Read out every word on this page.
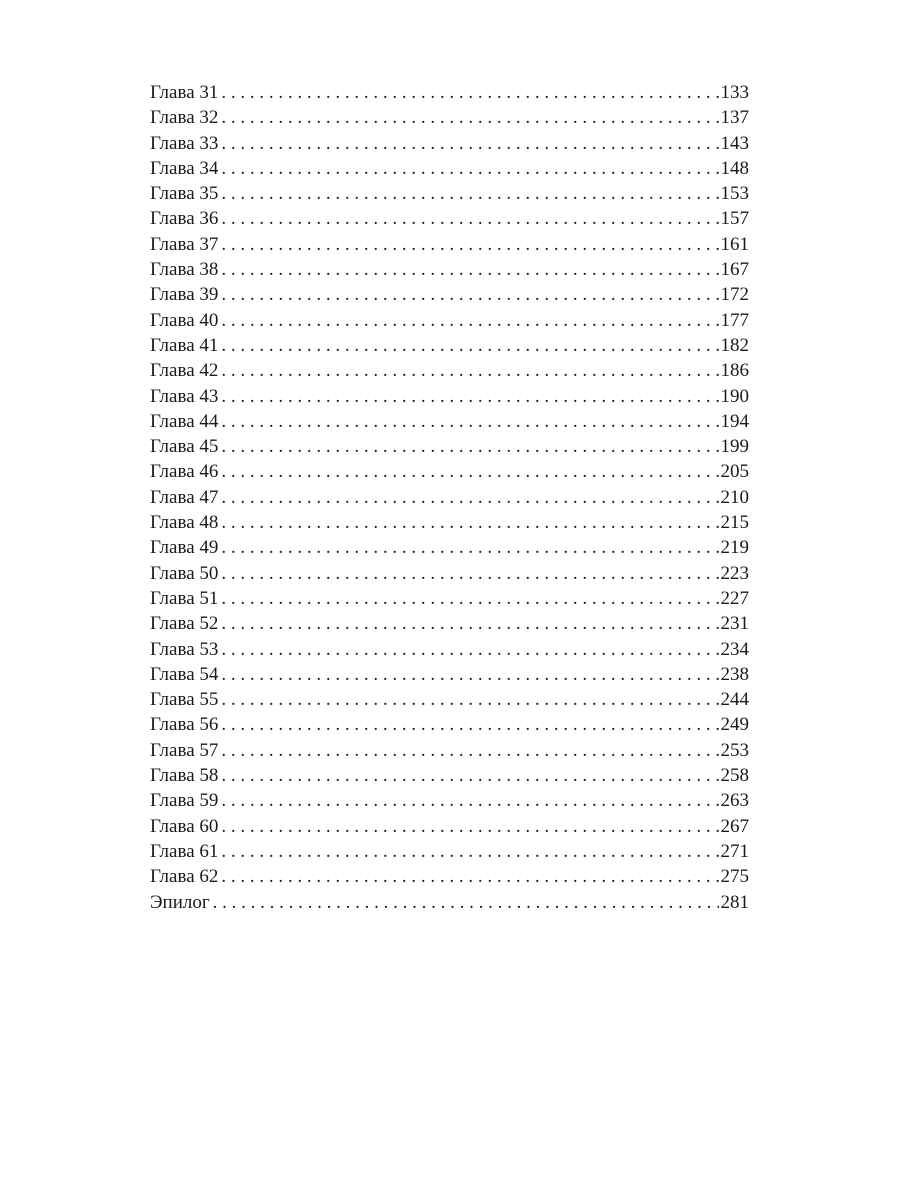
Глава 31 . . .	133
Глава 32 . . .	137
Глава 33 . . .	143
Глава 34 . . .	148
Глава 35 . . .	153
Глава 36 . . .	157
Глава 37 . . .	161
Глава 38 . . .	167
Глава 39 . . .	172
Глава 40 . . .	177
Глава 41 . . .	182
Глава 42 . . .	186
Глава 43 . . .	190
Глава 44 . . .	194
Глава 45 . . .	199
Глава 46 . . .	205
Глава 47 . . .	210
Глава 48 . . .	215
Глава 49 . . .	219
Глава 50 . . .	223
Глава 51 . . .	227
Глава 52 . . .	231
Глава 53 . . .	234
Глава 54 . . .	238
Глава 55 . . .	244
Глава 56 . . .	249
Глава 57 . . .	253
Глава 58 . . .	258
Глава 59 . . .	263
Глава 60 . . .	267
Глава 61 . . .	271
Глава 62 . . .	275
Эпилог . . .	281
